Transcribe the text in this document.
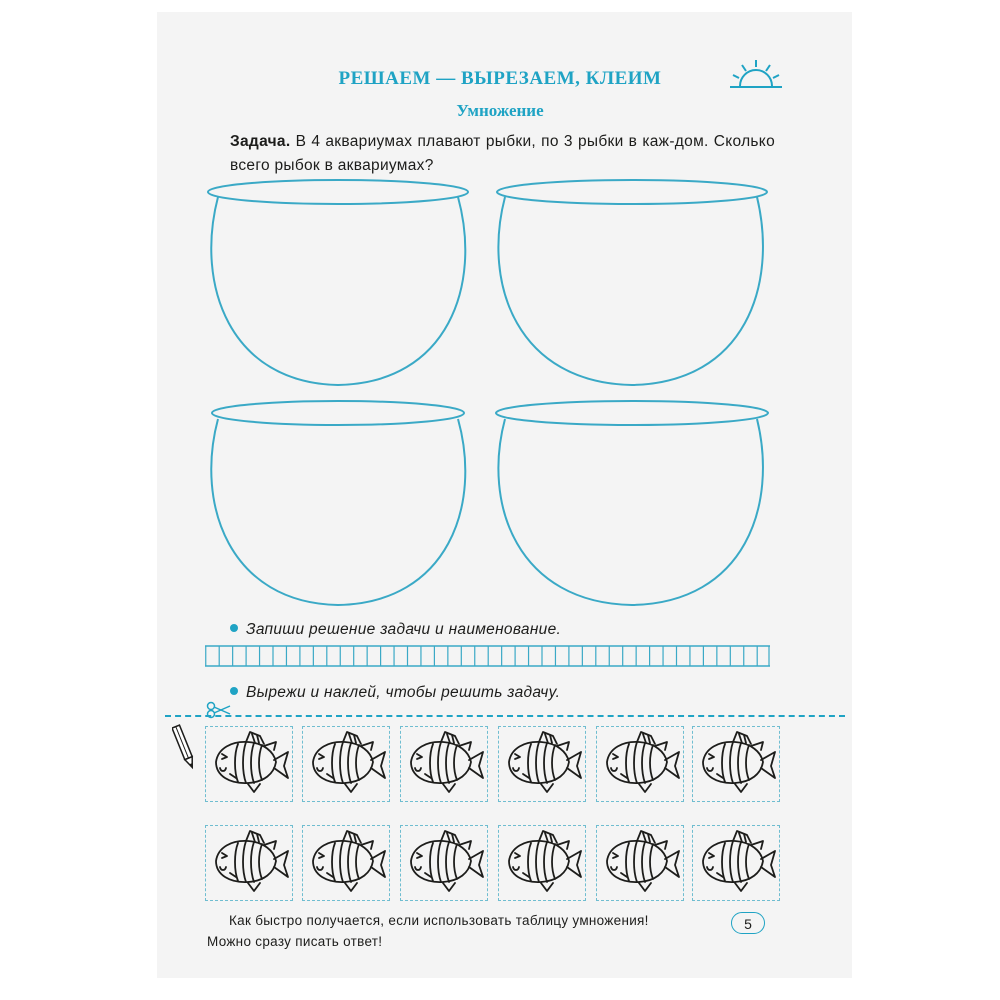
РЕШАЕМ — ВЫРЕЗАЕМ, КЛЕИМ
Умножение
Задача. В 4 аквариумах плавают рыбки, по 3 рыбки в каж-дом. Сколько всего рыбок в аквариумах?
Запиши решение задачи и наименование.
Вырежи и наклей, чтобы решить задачу.
Как быстро получается, если использовать таблицу умножения!
Можно сразу писать ответ!
5
